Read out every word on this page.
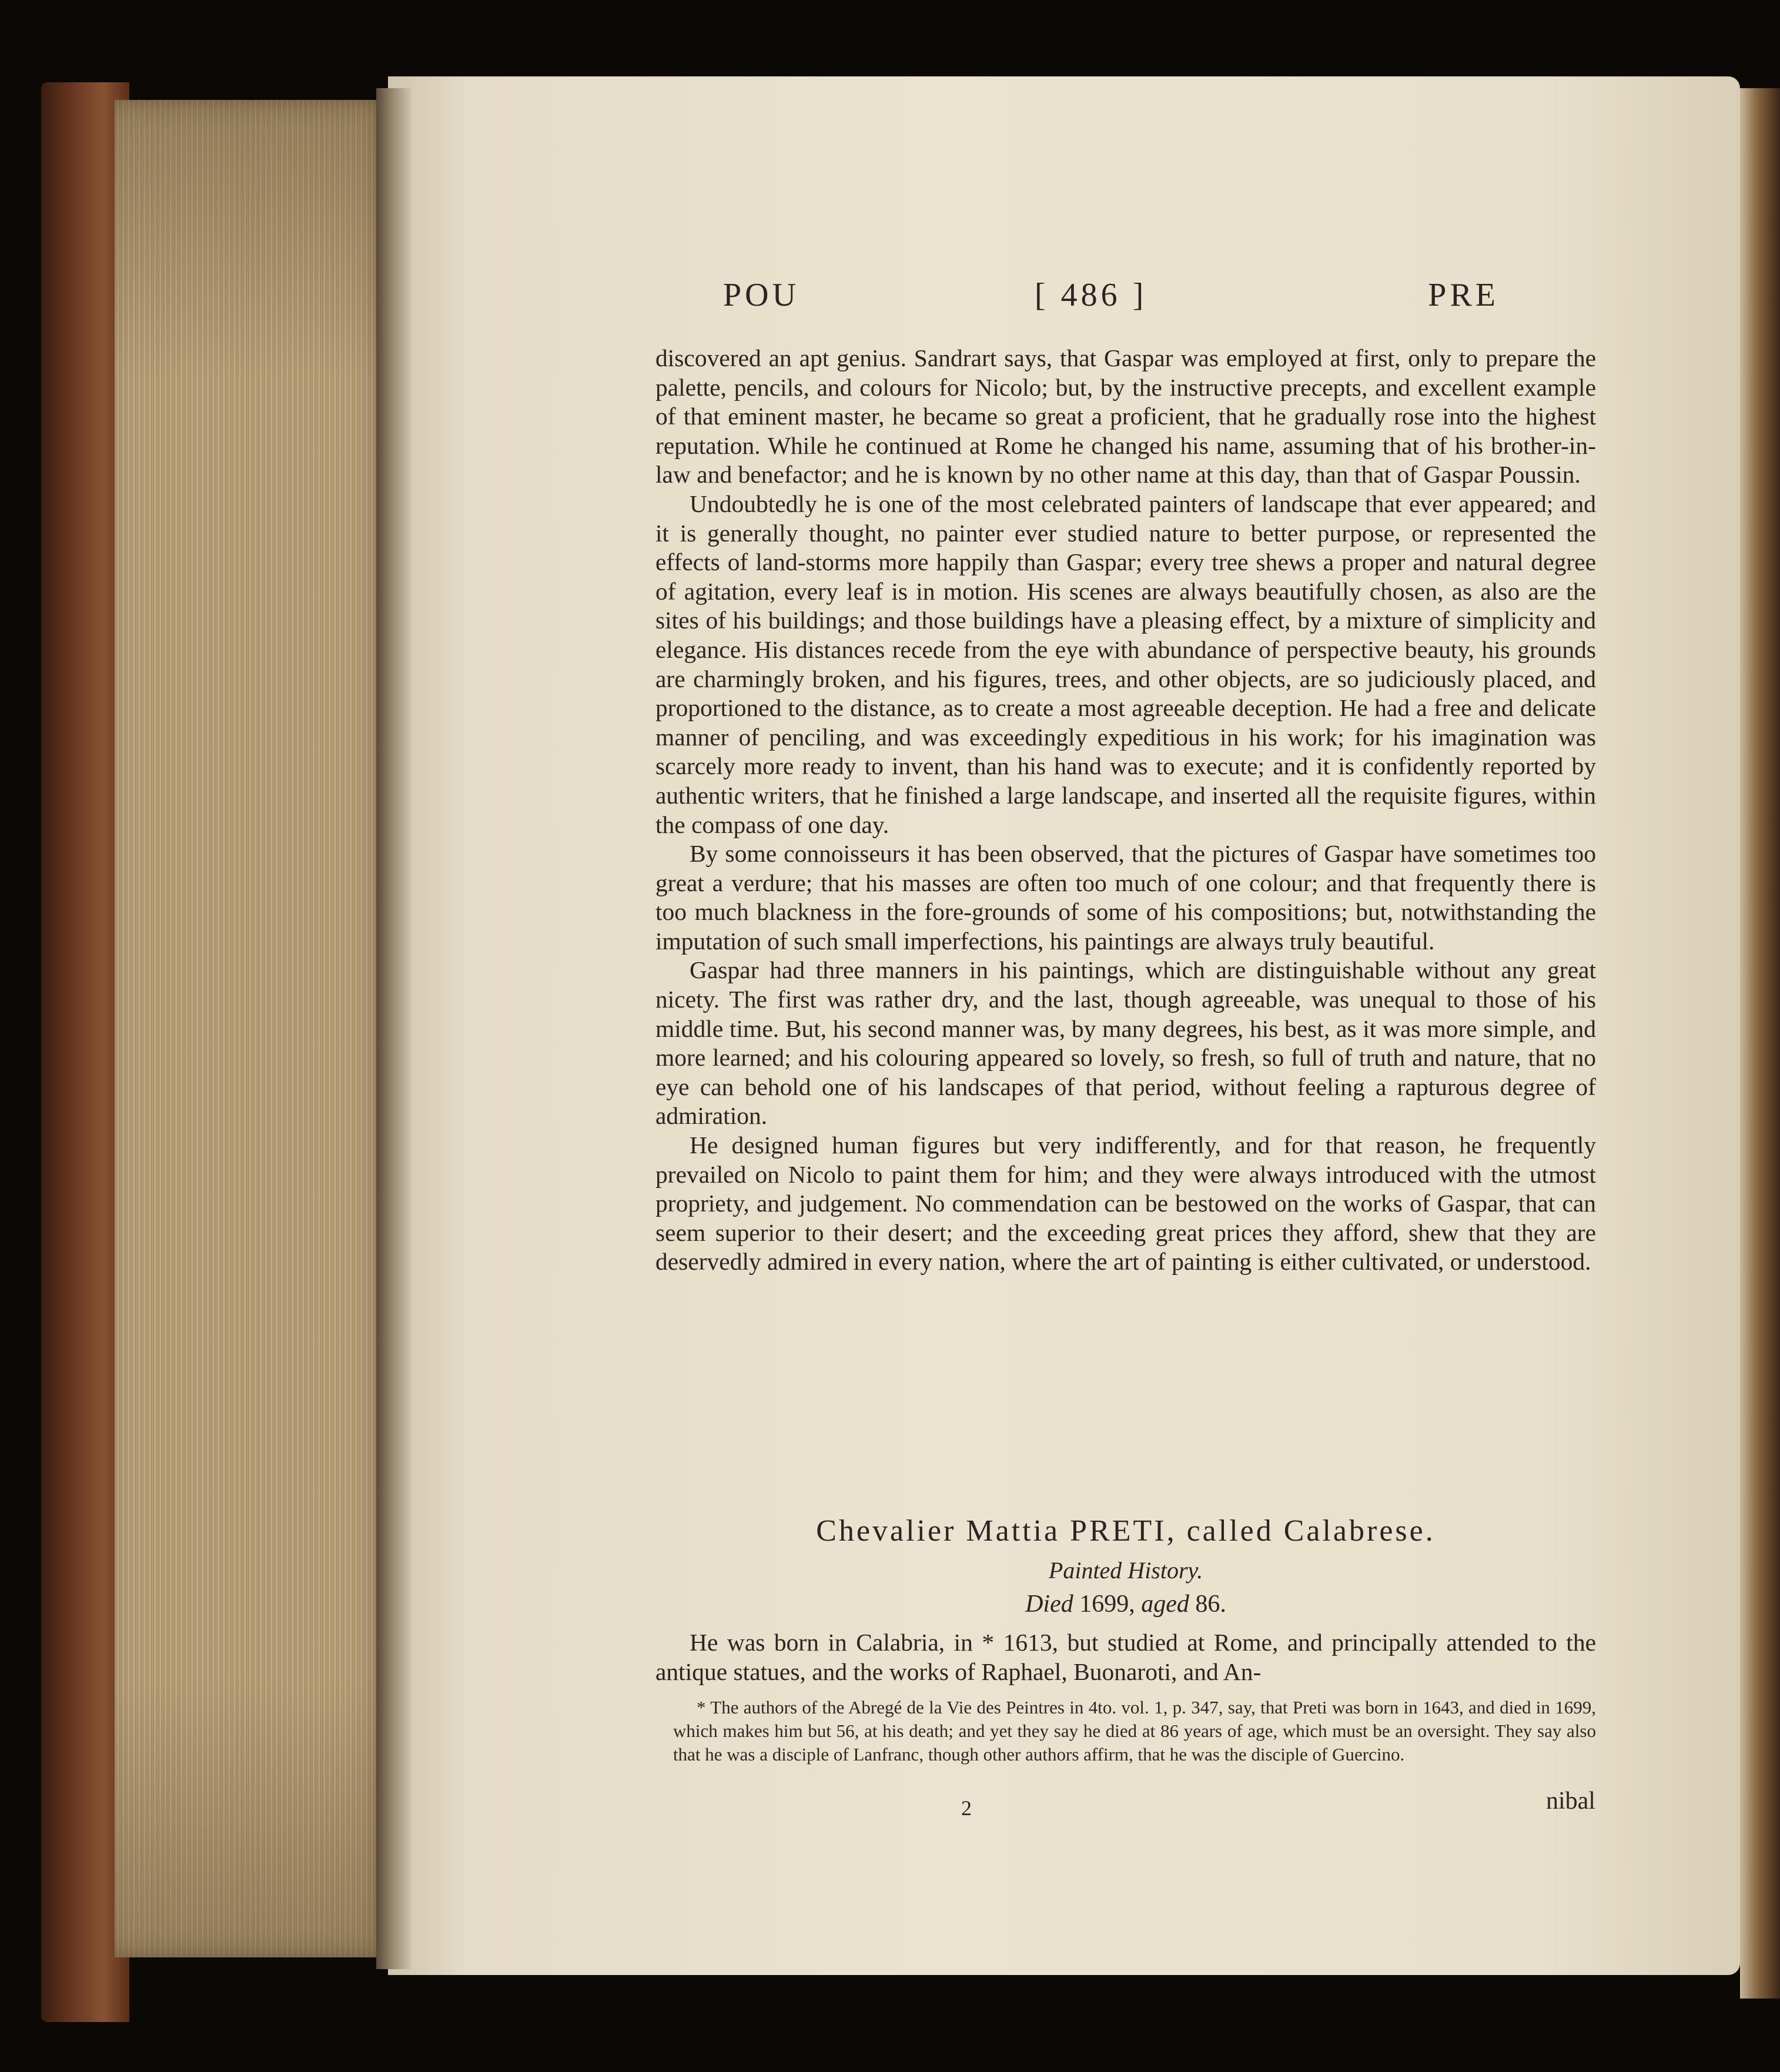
POU	[ 486 ]	PRE

discovered an apt genius. Sandrart says, that Gaspar was employed at first, only to prepare the palette, pencils, and colours for Nicolo; but, by the instructive precepts, and excellent example of that eminent master, he became so great a proficient, that he gradually rose into the highest reputation. While he continued at Rome he changed his name, assuming that of his brother-in-law and benefactor; and he is known by no other name at this day, than that of Gaspar Poussin.

Undoubtedly he is one of the most celebrated painters of landscape that ever appeared; and it is generally thought, no painter ever studied nature to better purpose, or represented the effects of land-storms more happily than Gaspar; every tree shews a proper and natural degree of agitation, every leaf is in motion. His scenes are always beautifully chosen, as also are the sites of his buildings; and those buildings have a pleasing effect, by a mixture of simplicity and elegance. His distances recede from the eye with abundance of perspective beauty, his grounds are charmingly broken, and his figures, trees, and other objects, are so judiciously placed, and proportioned to the distance, as to create a most agreeable deception. He had a free and delicate manner of penciling, and was exceedingly expeditious in his work; for his imagination was scarcely more ready to invent, than his hand was to execute; and it is confidently reported by authentic writers, that he finished a large landscape, and inserted all the requisite figures, within the compass of one day.

By some connoisseurs it has been observed, that the pictures of Gaspar have sometimes too great a verdure; that his masses are often too much of one colour; and that frequently there is too much blackness in the fore-grounds of some of his compositions; but, notwithstanding the imputation of such small imperfections, his paintings are always truly beautiful.

Gaspar had three manners in his paintings, which are distinguishable without any great nicety. The first was rather dry, and the last, though agreeable, was unequal to those of his middle time. But, his second manner was, by many degrees, his best, as it was more simple, and more learned; and his colouring appeared so lovely, so fresh, so full of truth and nature, that no eye can behold one of his landscapes of that period, without feeling a rapturous degree of admiration.

He designed human figures but very indifferently, and for that reason, he frequently prevailed on Nicolo to paint them for him; and they were always introduced with the utmost propriety, and judgement. No commendation can be bestowed on the works of Gaspar, that can seem superior to their desert; and the exceeding great prices they afford, shew that they are deservedly admired in every nation, where the art of painting is either cultivated, or understood.

Chevalier Mattia PRETI, called Calabrese.
Painted History.
Died 1699, aged 86.

He was born in Calabria, in * 1613, but studied at Rome, and principally attended to the antique statues, and the works of Raphael, Buonaroti, and An-

* The authors of the Abregé de la Vie des Peintres in 4to. vol. 1, p. 347, say, that Preti was born in 1643, and died in 1699, which makes him but 56, at his death; and yet they say he died at 86 years of age, which must be an oversight. They say also that he was a disciple of Lanfranc, though other authors affirm, that he was the disciple of Guercino.

2	nibal
